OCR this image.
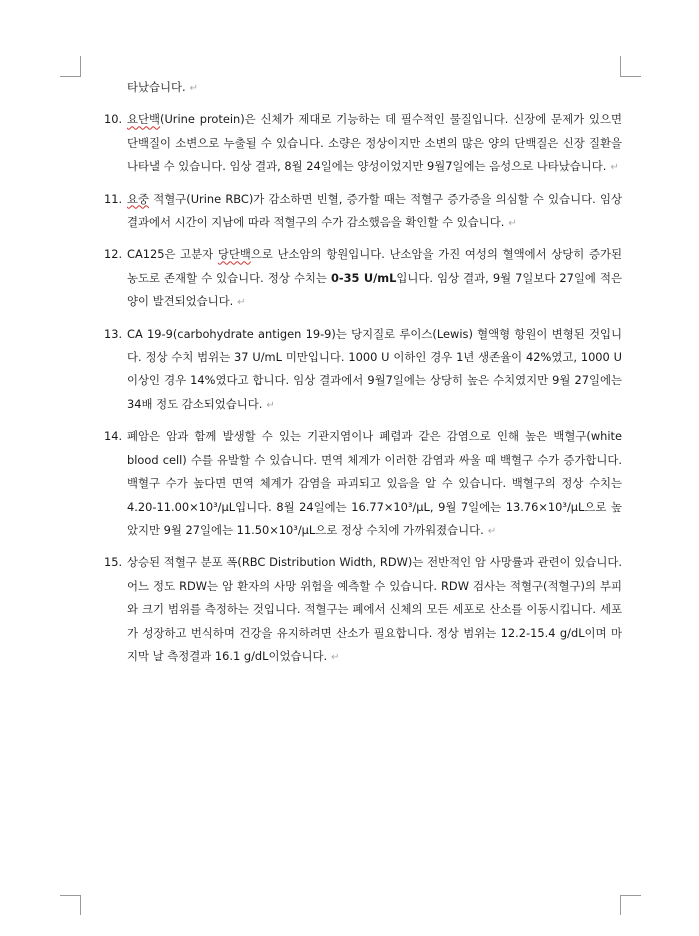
타났습니다. ↵
10. 요단백(Urine protein)은 신체가 제대로 기능하는 데 필수적인 물질입니다. 신장에 문제가 있으면 단백질이 소변으로 누출될 수 있습니다. 소량은 정상이지만 소변의 많은 양의 단백질은 신장 질환을 나타낼 수 있습니다. 임상 결과, 8월 24일에는 양성이었지만 9월7일에는 음성으로 나타났습니다. ↵
11. 요중 적혈구(Urine RBC)가 감소하면 빈혈, 증가할 때는 적혈구 증가증을 의심할 수 있습니다. 임상 결과에서 시간이 지남에 따라 적혈구의 수가 감소했음을 확인할 수 있습니다. ↵
12. CA125은 고분자 당단백으로 난소암의 항원입니다. 난소암을 가진 여성의 혈액에서 상당히 증가된 농도로 존재할 수 있습니다. 정상 수치는 0-35 U/mL입니다. 임상 결과, 9월 7일보다 27일에 적은 양이 발견되었습니다. ↵
13. CA 19-9(carbohydrate antigen 19-9)는 당지질로 루이스(Lewis) 혈액형 항원이 변형된 것입니다. 정상 수치 범위는 37 U/mL 미만입니다. 1000 U 이하인 경우 1년 생존율이 42%였고, 1000 U 이상인 경우 14%였다고 합니다. 임상 결과에서 9월7일에는 상당히 높은 수치였지만 9월 27일에는 34배 정도 감소되었습니다. ↵
14. 폐암은 암과 함께 발생할 수 있는 기관지염이나 폐렴과 같은 감염으로 인해 높은 백혈구(white blood cell) 수를 유발할 수 있습니다. 면역 체계가 이러한 감염과 싸울 때 백혈구 수가 증가합니다. 백혈구 수가 높다면 면역 체계가 감염을 파괴되고 있음을 알 수 있습니다. 백혈구의 정상 수치는 4.20-11.00×10³/μL입니다. 8월 24일에는 16.77×10³/μL, 9월 7일에는 13.76×10³/μL으로 높았지만 9월 27일에는 11.50×10³/μL으로 정상 수치에 가까워졌습니다. ↵
15. 상승된 적혈구 분포 폭(RBC Distribution Width, RDW)는 전반적인 암 사망률과 관련이 있습니다. 어느 정도 RDW는 암 환자의 사망 위험을 예측할 수 있습니다. RDW 검사는 적혈구(적혈구)의 부피와 크기 범위를 측정하는 것입니다. 적혈구는 폐에서 신체의 모든 세포로 산소를 이동시킵니다. 세포가 성장하고 번식하며 건강을 유지하려면 산소가 필요합니다. 정상 범위는 12.2-15.4 g/dL이며 마지막 날 측정결과 16.1 g/dL이었습니다. ↵
